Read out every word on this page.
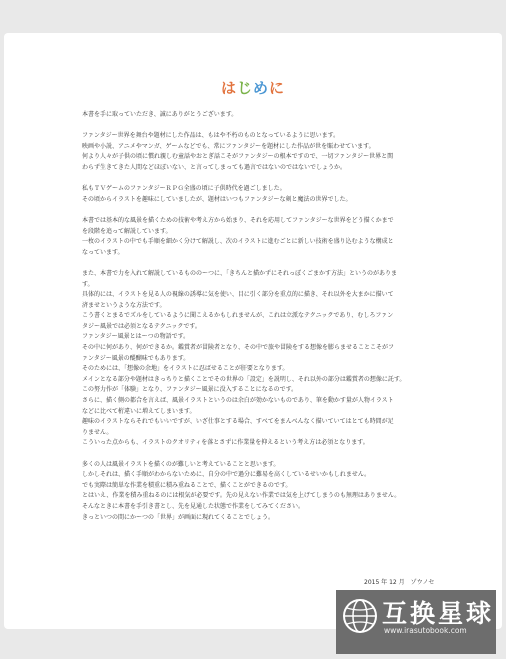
はじめに
本書を手に取っていただき、誠にありがとうございます。
ファンタジー世界を舞台や題材にした作品は、もはや不朽のものとなっているように思います。
映画や小説、アニメやマンガ、ゲームなどでも、常にファンタジーを題材にした作品が世を賑わせています。
何より人々が子供の頃に慣れ親しむ童話やおとぎ話こそがファンタジーの根本ですので、一切ファンタジー世界と関
わらず生きてきた人間などほぼいない、と言ってしまっても過言ではないのではないでしょうか。
私もＴＶゲームのファンタジーＲＰＧ全盛の頃に子供時代を過ごしました。
その頃からイラストを趣味にしていましたが、題材はいつもファンタジーな剣と魔法の世界でした。
本書では基本的な風景を描くための技術や考え方から始まり、それを応用してファンタジーな世界をどう描くかまで
を段階を追って解説しています。
一枚のイラストの中でも手順を細かく分けて解説し、次のイラストに進むごとに新しい技術を盛り込むような構成と
なっています。
また、本書で力を入れて解説しているもののーつに、「きちんと描かずにそれっぽくごまかす方法」というのがありま
す。
具体的には、イラストを見る人の視線の誘導に気を使い、目に引く部分を重点的に描き、それ以外を大まかに描いて
済ませというような方法です。
こう書くとまるでズルをしているように聞こえるかもしれませんが、これは立派なテクニックであり、むしろファン
タジー風景では必須となるテクニックです。
ファンタジー風景とはーつの物語です。
その中に何があり、何ができるか。鑑賞者が冒険者となり、その中で旅や冒険をする想像を膨らませることこそがフ
ァンタジー風景の醍醐味でもあります。
そのためには、「想像の余地」をイラストに忍ばせることが肝要となります。
メインとなる部分や題材はきっちりと描くことでその世界の「設定」を説明し、それ以外の部分は鑑賞者の想像に託す。
この努力作が「体験」となり、ファンタジー風景に没入することになるのです。
さらに、描く側の都合を言えば、風景イラストというのは余白が効かないものであり、筆を動かす量が人物イラスト
などに比べて桁違いに増えてしまいます。
趣味のイラストならそれでもいいですが、いざ仕事とする場合、すべてをまんべんなく描いていてはとても時間が足
りません。
こういった点からも、イラストのクオリティを落とさずに作業量を抑えるという考え方は必須となります。
多くの人は風景イラストを描くのが難しいと考えていることと思います。
しかしそれは、描く手順がわからないために、自分の中で過分に難易を高くしているせいかもしれません。
でも実際は簡単な作業を積重に積み重ねることで、描くことができるのです。
とはいえ、作業を積み重ねるのには根気が必要です。先の見えない作業では気を上げてしまうのも無理はありません。
そんなときに本書を手引き書とし、先を見通した状態で作業をしてみてください。
きっといつの間にかーつの「世界」が画面に現れてくることでしょう。
2015 年 12 月　ゾウノセ
互换星球
www.irasutobook.com
